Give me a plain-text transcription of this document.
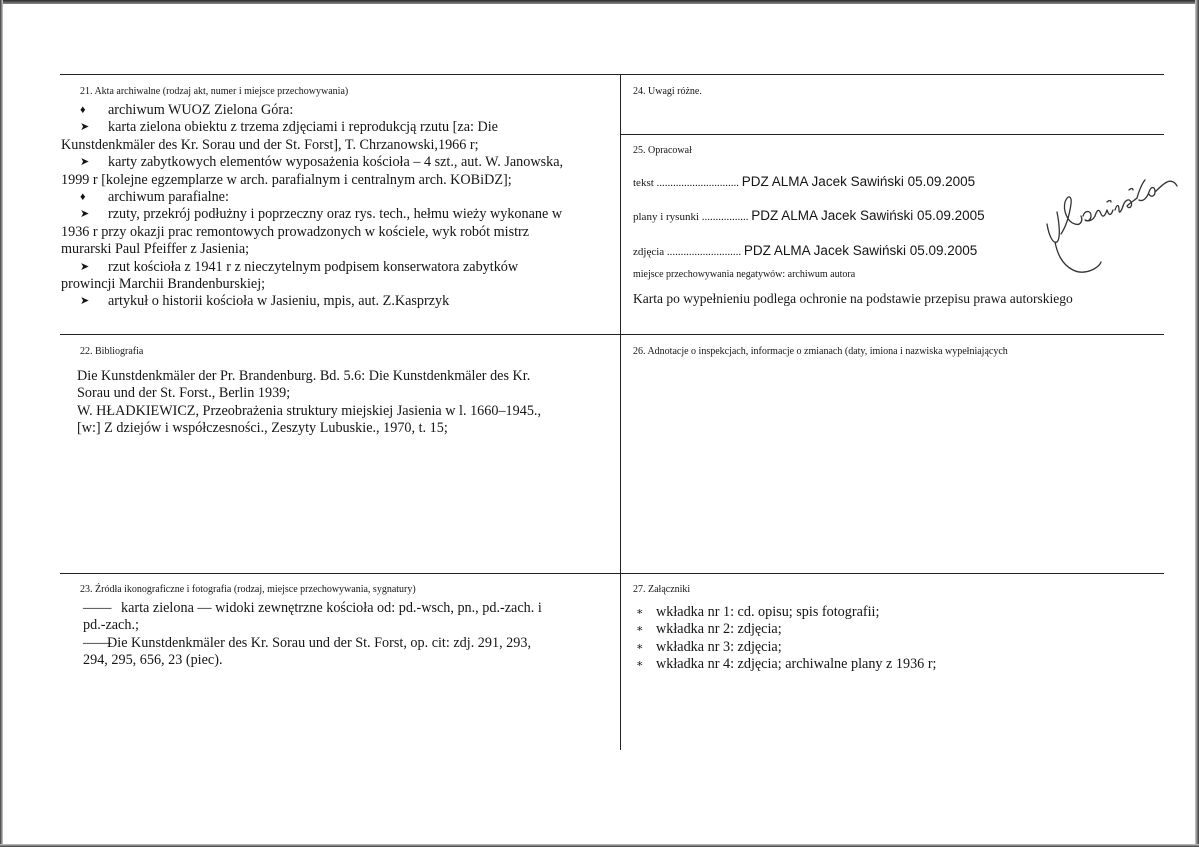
21. Akta archiwalne (rodzaj akt, numer i miejsce przechowywania)
♦ archiwum WUOZ Zielona Góra:
➤ karta zielona obiektu z trzema zdjęciami i reprodukcją rzutu [za: Die
Kunstdenkmäler des Kr. Sorau und der St. Forst], T. Chrzanowski,1966 r;
➤ karty zabytkowych elementów wyposażenia kościoła – 4 szt., aut. W. Janowska,
1999 r [kolejne egzemplarze w arch. parafialnym i centralnym arch. KOBiDZ];
♦ archiwum parafialne:
➤ rzuty, przekrój podłużny i poprzeczny oraz rys. tech., hełmu wieży wykonane w
1936 r przy okazji prac remontowych prowadzonych w kościele, wyk robót mistrz
murarski Paul Pfeiffer z Jasienia;
➤ rzut kościoła z 1941 r z nieczytelnym podpisem konserwatora zabytków
prowincji Marchii Brandenburskiej;
➤ artykuł o historii kościoła w Jasieniu, mpis, aut. Z.Kasprzyk
24. Uwagi różne.
25. Opracował
tekst .............................. PDZ ALMA Jacek Sawiński 05.09.2005
plany i rysunki ................. PDZ ALMA Jacek Sawiński 05.09.2005
zdjęcia ........................... PDZ ALMA Jacek Sawiński 05.09.2005
miejsce przechowywania negatywów: archiwum autora
Karta po wypełnieniu podlega ochronie na podstawie przepisu prawa autorskiego
22. Bibliografia
Die Kunstdenkmäler der Pr. Brandenburg. Bd. 5.6: Die Kunstdenkmäler des Kr.
Sorau und der St. Forst., Berlin 1939;
W. HŁADKIEWICZ, Przeobrażenia struktury miejskiej Jasienia w l. 1660–1945.,
[w:] Z dziejów i współczesności., Zeszyty Lubuskie., 1970, t. 15;
26. Adnotacje o inspekcjach, informacje o zmianach (daty, imiona i nazwiska wypełniających
23. Źródła ikonograficzne i fotografia (rodzaj, miejsce przechowywania, sygnatury)
—— karta zielona — widoki zewnętrzne kościoła od: pd.-wsch, pn., pd.-zach. i
pd.-zach.;
——Die Kunstdenkmäler des Kr. Sorau und der St. Forst, op. cit: zdj. 291, 293,
294, 295, 656, 23 (piec).
27. Załączniki
∗ wkładka nr 1: cd. opisu; spis fotografii;
∗ wkładka nr 2: zdjęcia;
∗ wkładka nr 3: zdjęcia;
∗ wkładka nr 4: zdjęcia; archiwalne plany z 1936 r;
